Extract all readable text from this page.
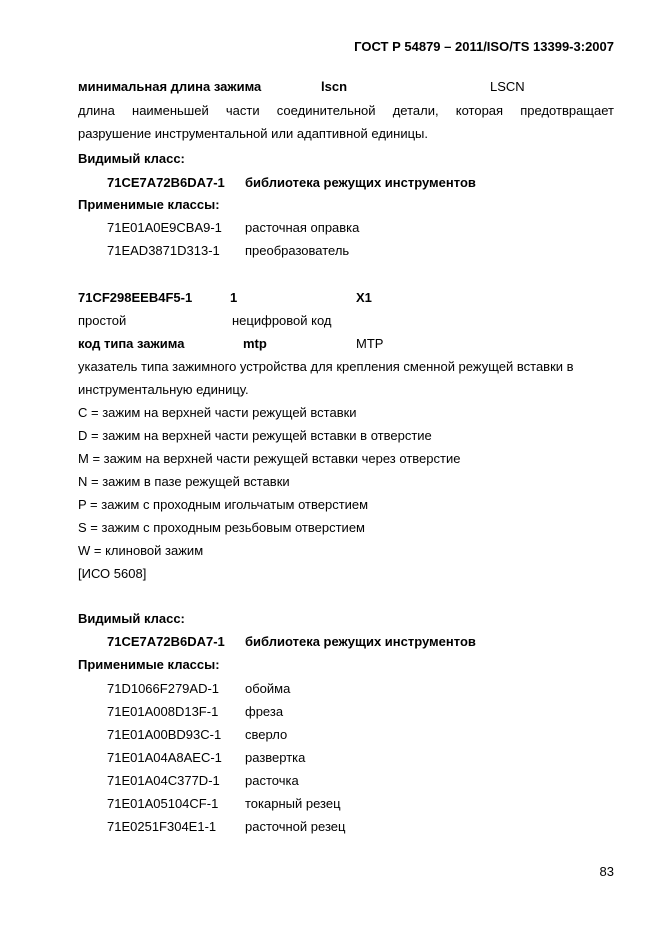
ГОСТ Р 54879 – 2011/ISO/TS 13399-3:2007
минимальная длина зажима	lscn	LSCN
длина наименьшей части соединительной детали, которая предотвращает
разрушение инструментальной или адаптивной единицы.
Видимый класс:
71CE7A72B6DA7-1 библиотека режущих инструментов
Применимые классы:
71E01A0E9CBA9-1 расточная оправка
71EAD3871D313-1 преобразователь
71CF298EEB4F5-1	1	X1
простой	нецифровой код
код типа зажима	mtp	MTP
указатель типа зажимного устройства для крепления сменной режущей вставки в
инструментальную единицу.
C = зажим на верхней части режущей вставки
D = зажим на верхней части режущей вставки в отверстие
M = зажим на верхней части режущей вставки через отверстие
N = зажим в пазе режущей вставки
P = зажим с проходным игольчатым отверстием
S = зажим с проходным резьбовым отверстием
W = клиновой зажим
[ИСО 5608]
Видимый класс:
71CE7A72B6DA7-1 библиотека режущих инструментов
Применимые классы:
71D1066F279AD-1 обойма
71E01A008D13F-1 фреза
71E01A00BD93C-1 сверло
71E01A04A8AEC-1 развертка
71E01A04C377D-1 расточка
71E01A05104CF-1 токарный резец
71E0251F304E1-1 расточной резец
83
